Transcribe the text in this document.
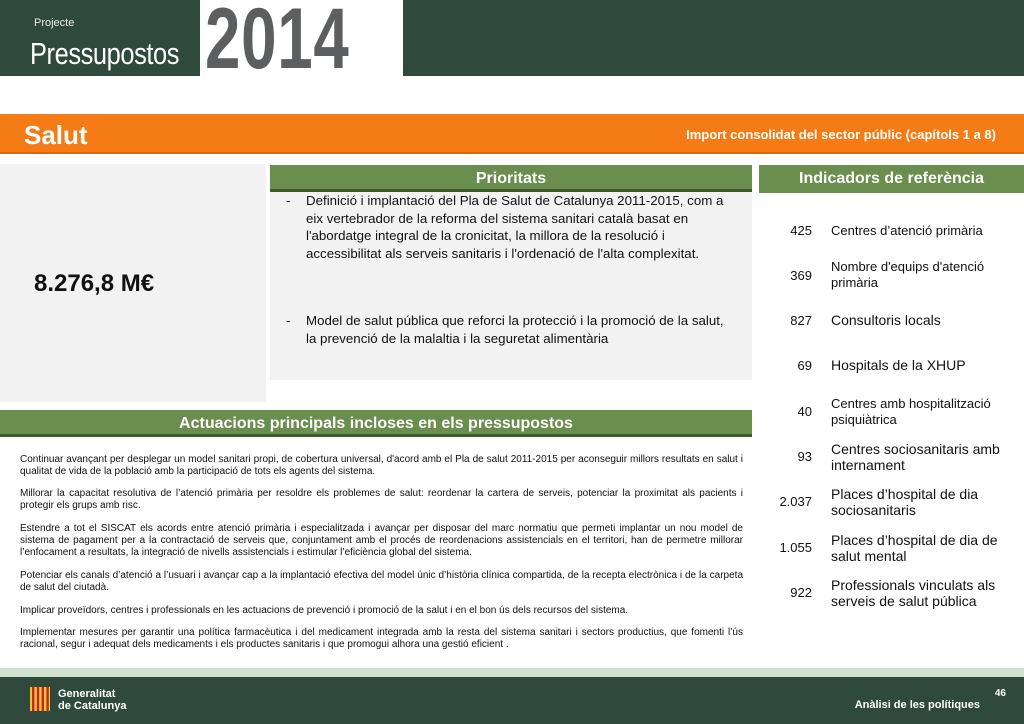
Projecte
Pressupostos 2014
Salut	Import consolidat del sector públic (capítols 1 a 8)
8.276,8 M€
Prioritats
- Definició i implantació del Pla de Salut de Catalunya 2011-2015, com a eix vertebrador de la reforma del sistema sanitari català basat en l'abordatge integral de la cronicitat, la millora de la resolució i accessibilitat als serveis sanitaris i l'ordenació de l'alta complexitat.
- Model de salut pública que reforci la protecció i la promoció de la salut, la prevenció de la malaltia i la seguretat alimentària
Indicadors de referència
425 Centres d’atenció primària
369
Nombre d'equips d'atenció primària
827 Consultoris locals
69 Hospitals de la XHUP
40
Centres amb hospitalització psiquiàtrica
93 Centres sociosanitaris amb internament
2.037 Places d’hospital de dia sociosanitaris
1.055 Places d’hospital de dia de salut mental
922 Professionals vinculats als serveis de salut pública
Actuacions principals incloses en els pressupostos
Continuar avançant per desplegar un model sanitari propi, de cobertura universal, d'acord amb el Pla de salut 2011-2015 per aconseguir millors resultats en salut i qualitat de vida de la població amb la participació de tots els agents del sistema.
Millorar la capacitat resolutiva de l’atenció primària per resoldre els problemes de salut: reordenar la cartera de serveis, potenciar la proximitat als pacients i protegir els grups amb risc.
Estendre a tot el SISCAT els acords entre atenció primària i especialitzada i avançar per disposar del marc normatiu que permeti implantar un nou model de sistema de pagament per a la contractació de serveis que, conjuntament amb el procés de reordenacions assistencials en el territori, han de permetre millorar l’enfocament a resultats, la integració de nivells assistencials i estimular l’eficiència global del sistema.
Potenciar els canals d’atenció a l’usuari i avançar cap a la implantació efectiva del model únic d’història clínica compartida, de la recepta electrònica i de la carpeta de salut del ciutadà.
Implicar proveïdors, centres i professionals en les actuacions de prevenció i promoció de la salut i en el bon ús dels recursos del sistema.
Implementar mesures per garantir una política farmacèutica i del medicament integrada amb la resta del sistema sanitari i sectors productius, que fomenti l’ús racional, segur i adequat dels medicaments i els productes sanitaris i que promogui alhora una gestió eficient .
Generalitat
de Catalunya
46
Anàlisi de les polítiques
